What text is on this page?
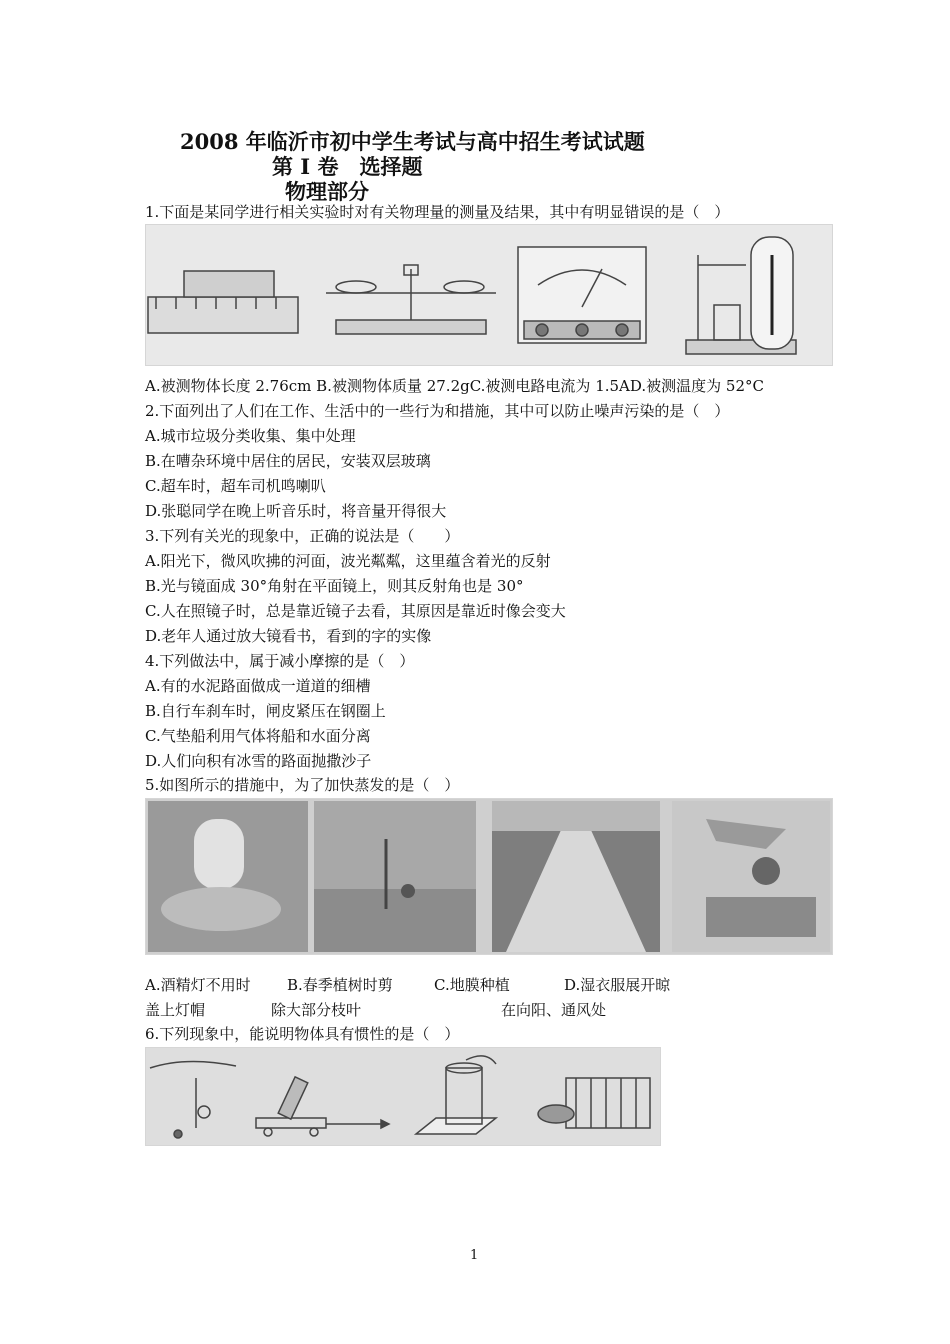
2008 年临沂市初中学生考试与高中招生考试试题
第 I 卷　选择题
物理部分
1.下面是某同学进行相关实验时对有关物理量的测量及结果，其中有明显错误的是（　）
A.被测物体长度 2.76cm B.被测物体质量 27.2gC.被测电路电流为 1.5AD.被测温度为 52°C
2.下面列出了人们在工作、生活中的一些行为和措施，其中可以防止噪声污染的是（　）
A.城市垃圾分类收集、集中处理
B.在嘈杂环境中居住的居民，安装双层玻璃
C.超车时，超车司机鸣喇叭
D.张聪同学在晚上听音乐时，将音量开得很大
3.下列有关光的现象中，正确的说法是（　　）
A.阳光下，微风吹拂的河面，波光粼粼，这里蕴含着光的反射
B.光与镜面成 30°角射在平面镜上，则其反射角也是 30°
C.人在照镜子时，总是靠近镜子去看，其原因是靠近时像会变大
D.老年人通过放大镜看书，看到的字的实像
4.下列做法中，属于减小摩擦的是（　）
A.有的水泥路面做成一道道的细槽
B.自行车刹车时，闸皮紧压在钢圈上
C.气垫船利用气体将船和水面分离
D.人们向积有冰雪的路面抛撒沙子
5.如图所示的措施中，为了加快蒸发的是（　）
A.酒精灯不用时 B.春季植树时剪	C.地膜种植	D.湿衣服展开晾
盖上灯帽	除大部分枝叶	在向阳、通风处
6.下列现象中，能说明物体具有惯性的是（　）
1
